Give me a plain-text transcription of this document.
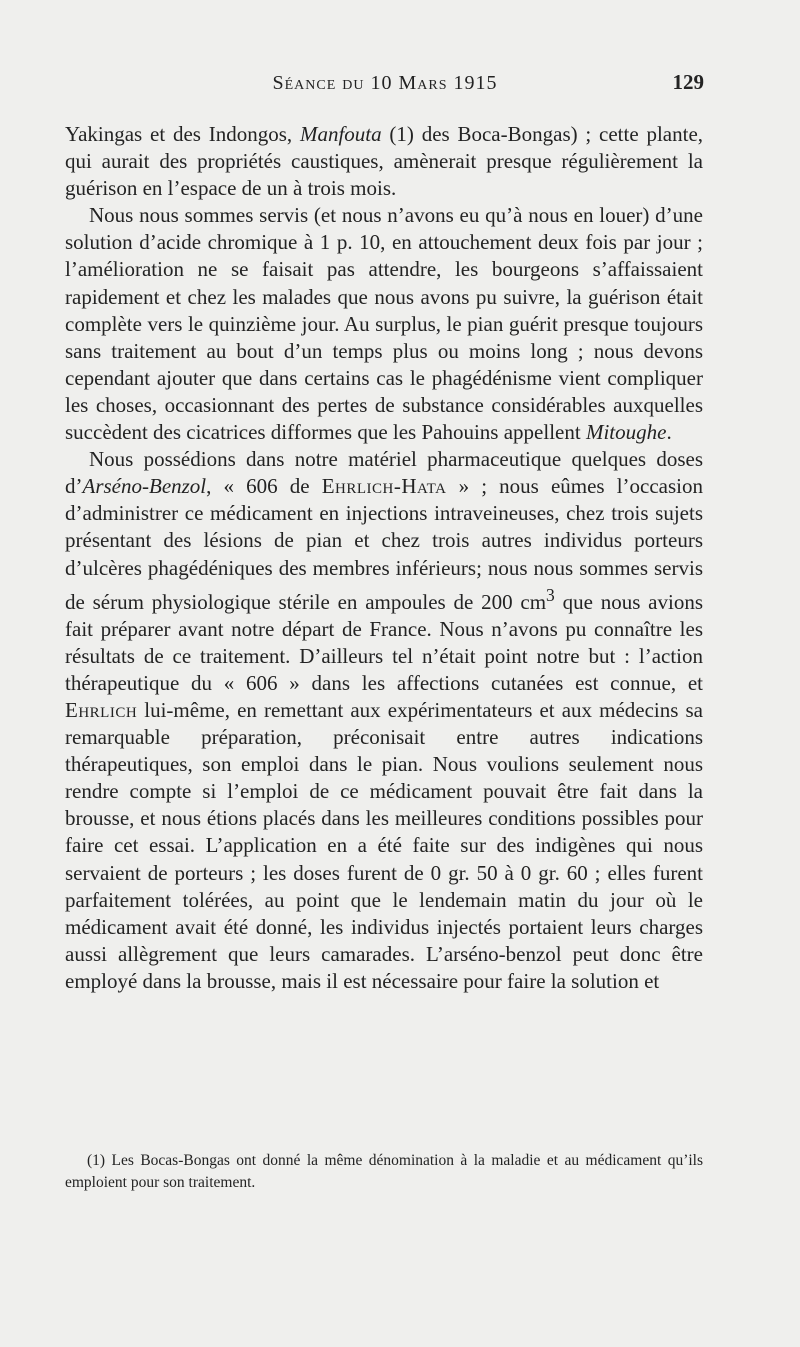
Séance du 10 Mars 1915	129

Yakingas et des Indongos, Manfouta (1) des Boca-Bongas) ; cette plante, qui aurait des propriétés caustiques, amènerait presque régulièrement la guérison en l’espace de un à trois mois.

Nous nous sommes servis (et nous n’avons eu qu’à nous en louer) d’une solution d’acide chromique à 1 p. 10, en attouchement deux fois par jour ; l’amélioration ne se faisait pas attendre, les bourgeons s’affaissaient rapidement et chez les malades que nous avons pu suivre, la guérison était complète vers le quinzième jour. Au surplus, le pian guérit presque toujours sans traitement au bout d’un temps plus ou moins long ; nous devons cependant ajouter que dans certains cas le phagédénisme vient compliquer les choses, occasionnant des pertes de substance considérables auxquelles succèdent des cicatrices difformes que les Pahouins appellent Mitoughe.

Nous possédions dans notre matériel pharmaceutique quelques doses d’Arséno-Benzol, « 606 de Ehrlich-Hata » ; nous eûmes l’occasion d’administrer ce médicament en injections intraveineuses, chez trois sujets présentant des lésions de pian et chez trois autres individus porteurs d’ulcères phagédéniques des membres inférieurs; nous nous sommes servis de sérum physiologique stérile en ampoules de 200 $cm^3$ que nous avions fait préparer avant notre départ de France. Nous n’avons pu connaître les résultats de ce traitement. D’ailleurs tel n’était point notre but : l’action thérapeutique du « 606 » dans les affections cutanées est connue, et Ehrlich lui-même, en remettant aux expérimentateurs et aux médecins sa remarquable préparation, préconisait entre autres indications thérapeutiques, son emploi dans le pian. Nous voulions seulement nous rendre compte si l’emploi de ce médicament pouvait être fait dans la brousse, et nous étions placés dans les meilleures conditions possibles pour faire cet essai. L’application en a été faite sur des indigènes qui nous servaient de porteurs ; les doses furent de 0 gr. 50 à 0 gr. 60 ; elles furent parfaitement tolérées, au point que le lendemain matin du jour où le médicament avait été donné, les individus injectés portaient leurs charges aussi allègrement que leurs camarades. L’arséno-benzol peut donc être employé dans la brousse, mais il est nécessaire pour faire la solution et

(1) Les Bocas-Bongas ont donné la même dénomination à la maladie et au médicament qu’ils emploient pour son traitement.
